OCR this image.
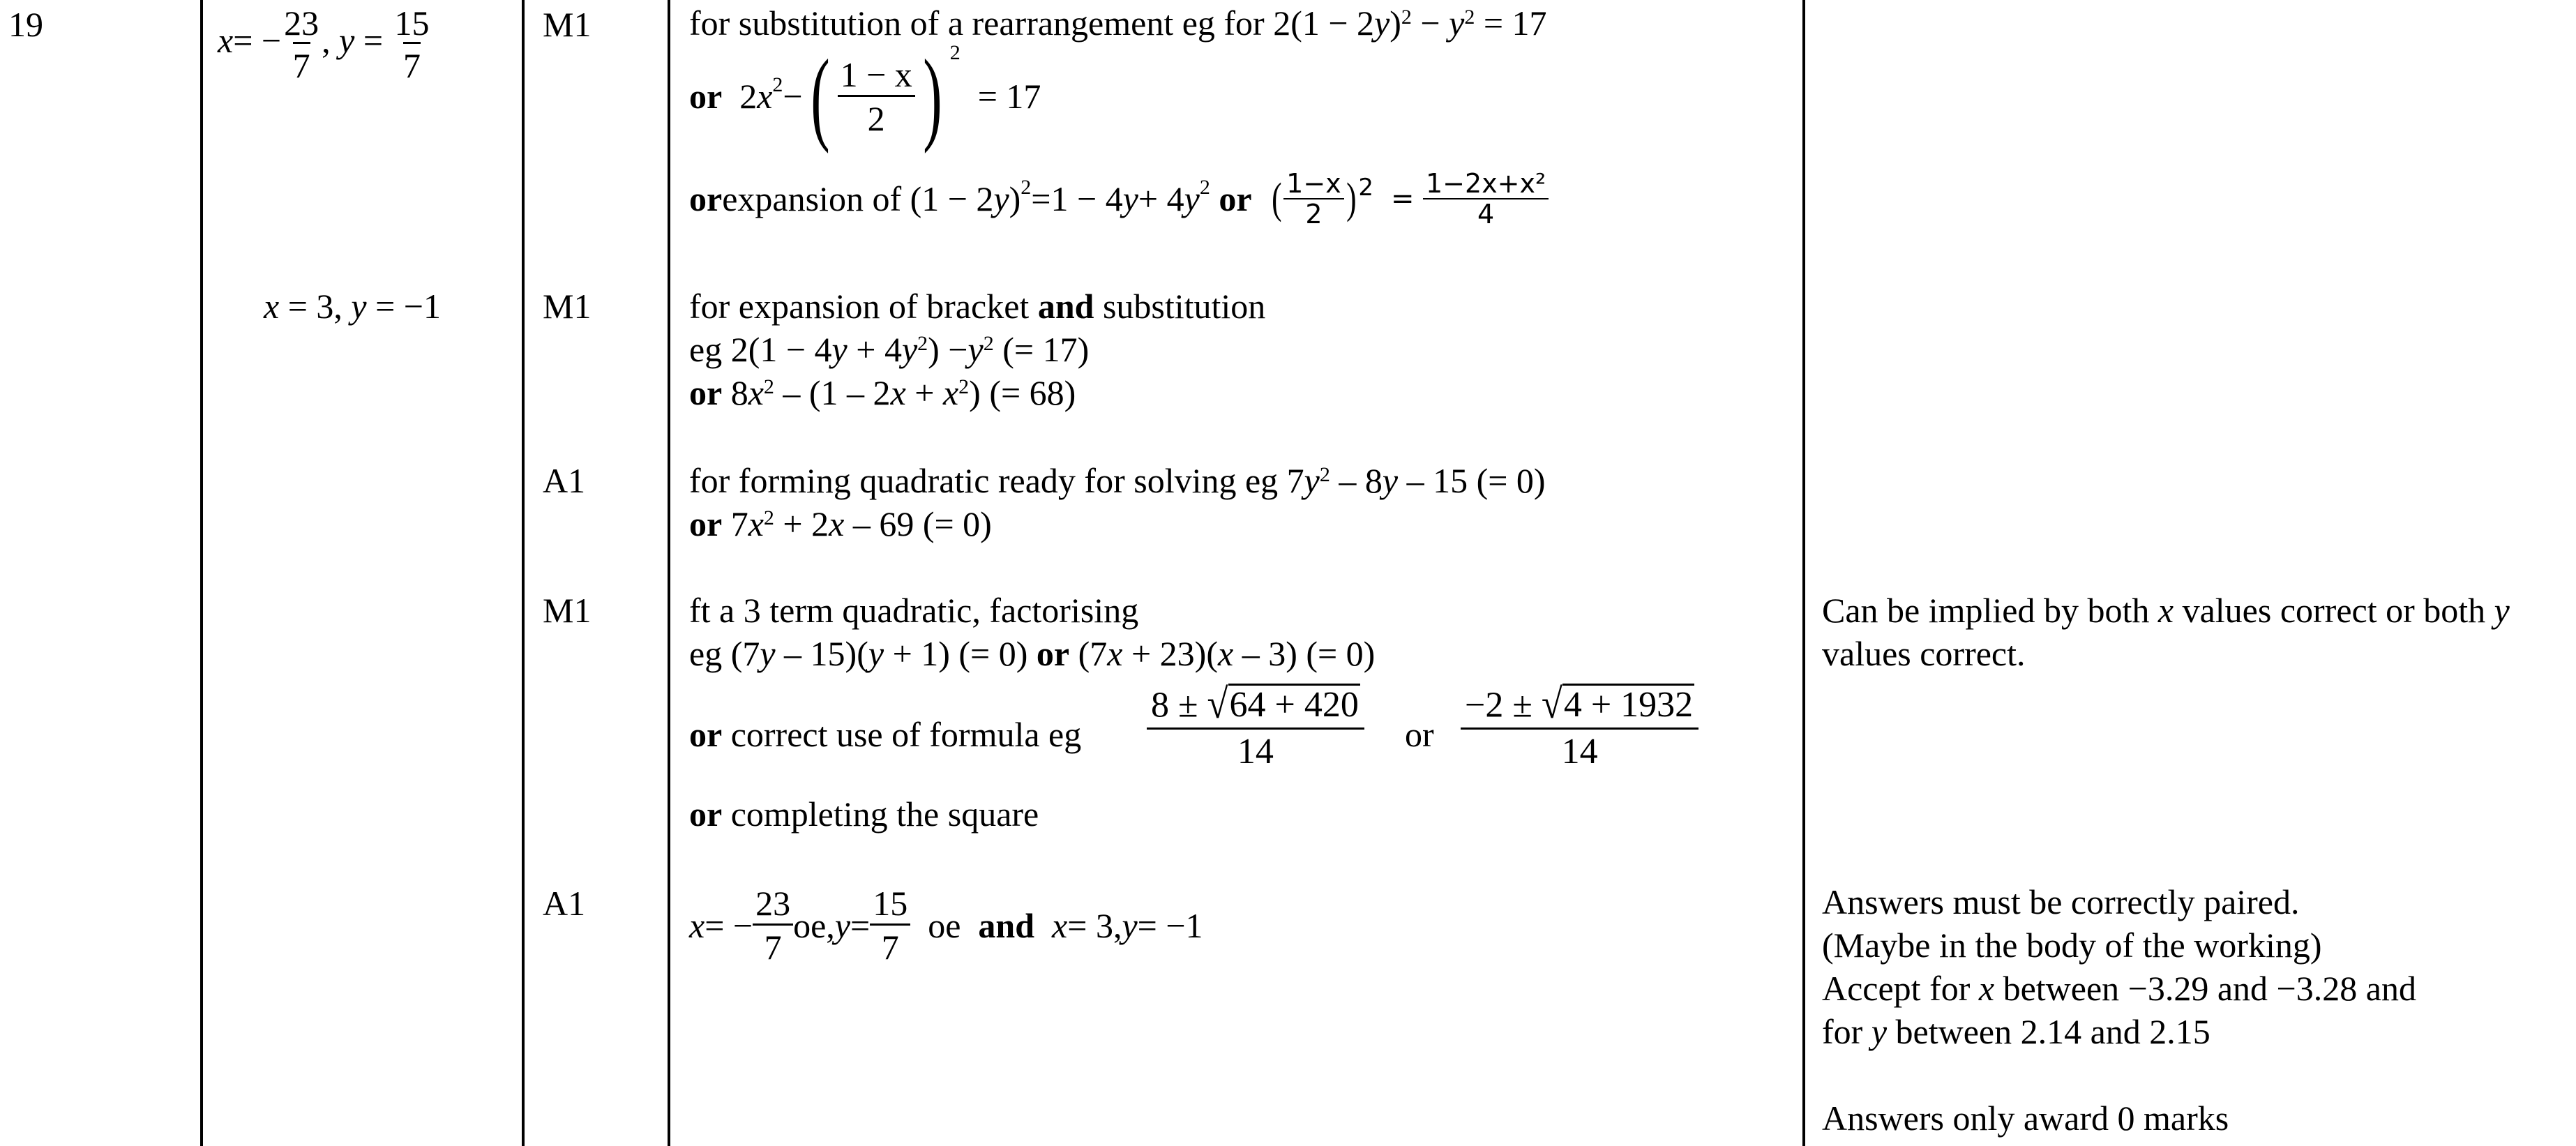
19	$x= - \frac{23}{7}$ , $y = \frac{15}{7}$
x = 3, y = −1
M1
M1
A1
M1
A1
for substitution of a rearrangement eg for $2(1 - 2y)^2 - y^2 = 17$
or
2 $x^2$ − ( $\frac{1 - x}{2}$ ) 2

= 17
or expansion of (1 − 2 y )$^2$ =1 − 4 y + 4 $y^2$
or
( $\frac{1-x}{2}$ ) 2
=
$\frac{\text{1−2x+x²}}{4}$
for expansion of bracket and substitution
eg $2(1 - 4y + 4y^2) -y^2$ (= 17)
or $8x^2 - (1 - 2x + x^2)$ (= 68)
for forming quadratic ready for solving eg $7y^2 - 8y - 15$ (= 0)
or $7x^2 + 2x - 69$ (= 0)
ft a 3 term quadratic, factorising
eg (7y – 15)(y + 1) (= 0) or (7x + 23)(x – 3) (= 0)
or correct use of formula eg $\frac{8 \pm √ 64 + 420}{14}$ or $\frac{-2 \pm √ 4 + 1932}{14}$
or completing the square
x = − $\frac{23}{7}$ oe, $y = \frac{15}{7}$ oe and
x = 3, y = −1
Can be implied by both x values correct or both y
values correct.
Answers must be correctly paired.
(Maybe in the body of the working)
Accept for x between −3.29 and −3.28 and
for y between 2.14 and 2.15
Answers only award 0 marks
